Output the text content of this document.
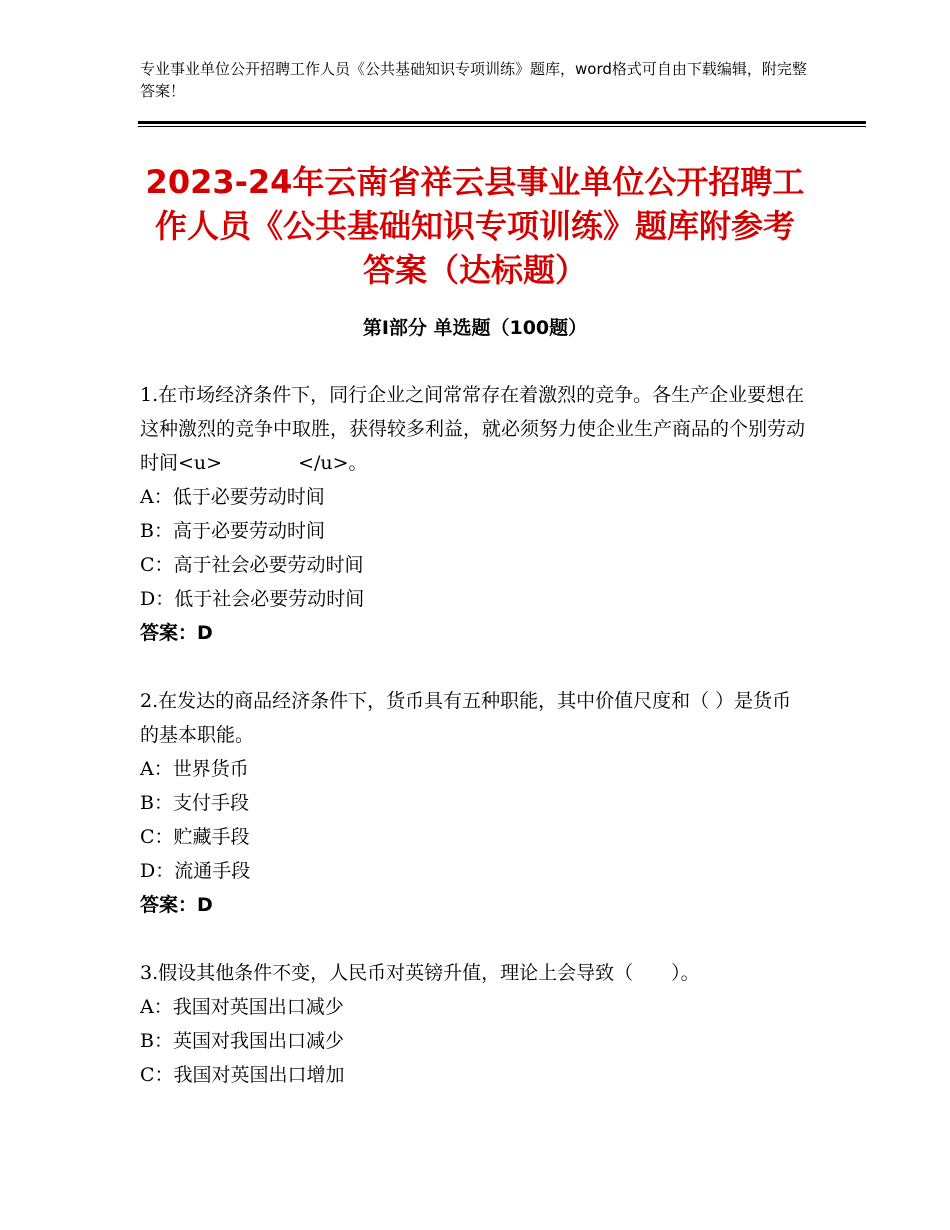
专业事业单位公开招聘工作人员《公共基础知识专项训练》题库，word格式可自由下载编辑，附完整答案！
2023-24年云南省祥云县事业单位公开招聘工作人员《公共基础知识专项训练》题库附参考答案（达标题）
第I部分 单选题（100题）

1.在市场经济条件下，同行企业之间常常存在着激烈的竞争。各生产企业要想在这种激烈的竞争中取胜，获得较多利益，就必须努力使企业生产商品的个别劳动时间<u>　　　　</u>。

A：低于必要劳动时间

B：高于必要劳动时间

C：高于社会必要劳动时间

D：低于社会必要劳动时间

答案：D

2.在发达的商品经济条件下，货币具有五种职能，其中价值尺度和（ ）是货币的基本职能。

A：世界货币

B：支付手段

C：贮藏手段

D：流通手段

答案：D

3.假设其他条件不变，人民币对英镑升值，理论上会导致（　　）。

A：我国对英国出口减少

B：英国对我国出口减少

C：我国对英国出口增加
